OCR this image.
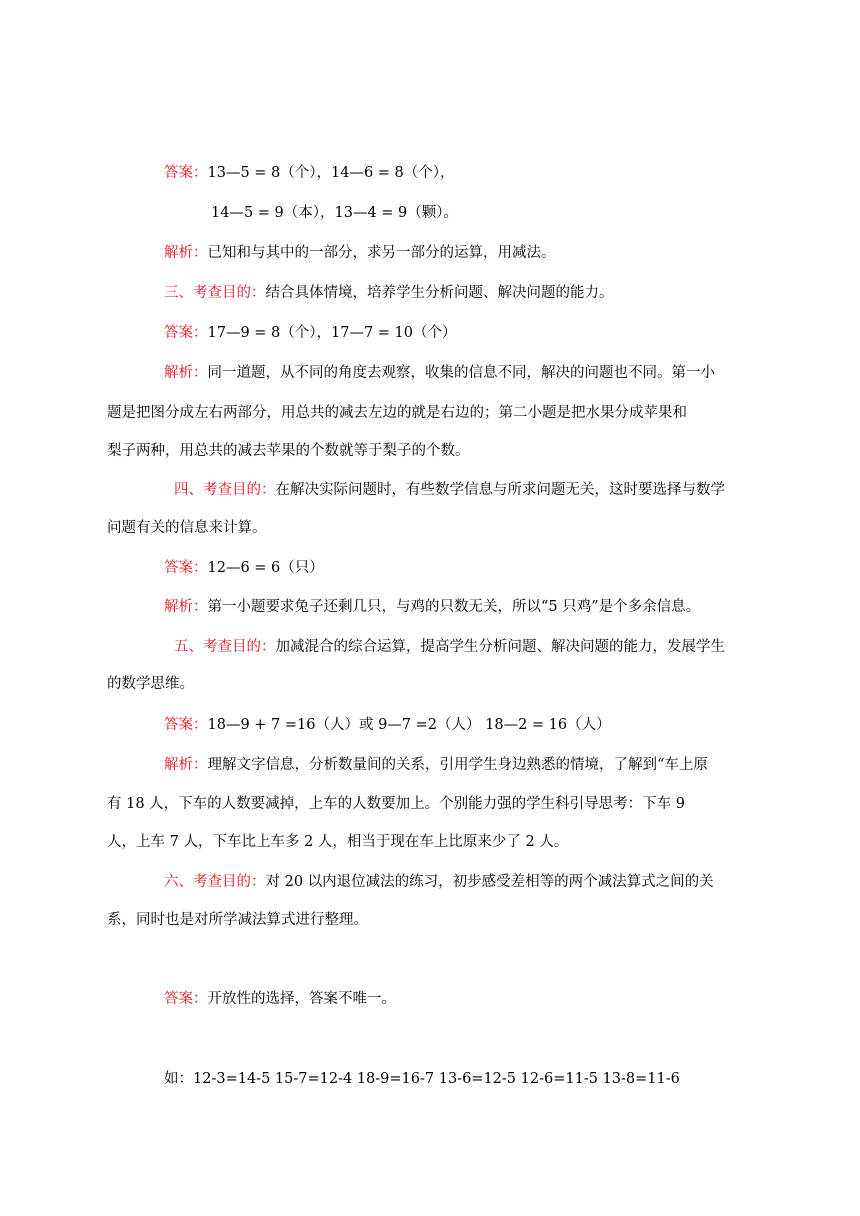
答案：13—5 = 8（个），14—6 = 8（个），
14—5 = 9（本），13—4 = 9（颗）。
解析：已知和与其中的一部分，求另一部分的运算，用减法。
三、考查目的：结合具体情境，培养学生分析问题、解决问题的能力。
答案：17—9 = 8（个），17—7 = 10（个）
解析：同一道题，从不同的角度去观察，收集的信息不同，解决的问题也不同。第一小
题是把图分成左右两部分，用总共的减去左边的就是右边的；第二小题是把水果分成苹果和
梨子两种，用总共的减去苹果的个数就等于梨子的个数。
四、考查目的：在解决实际问题时，有些数学信息与所求问题无关，这时要选择与数学
问题有关的信息来计算。
答案：12—6 = 6（只）
解析：第一小题要求兔子还剩几只，与鸡的只数无关，所以“5 只鸡”是个多余信息。
五、考查目的：加减混合的综合运算，提高学生分析问题、解决问题的能力，发展学生
的数学思维。
答案：18—9 + 7 =16（人）或 9—7 =2（人） 18—2 = 16（人）
解析：理解文字信息，分析数量间的关系，引用学生身边熟悉的情境，了解到“车上原
有 18 人，下车的人数要减掉，上车的人数要加上。个别能力强的学生科引导思考：下车 9
人，上车 7 人，下车比上车多 2 人，相当于现在车上比原来少了 2 人。
六、考查目的：对 20 以内退位减法的练习，初步感受差相等的两个减法算式之间的关
系，同时也是对所学减法算式进行整理。
答案：开放性的选择，答案不唯一。
如：12-3=14-5 15-7=12-4 18-9=16-7 13-6=12-5 12-6=11-5 13-8=11-6
